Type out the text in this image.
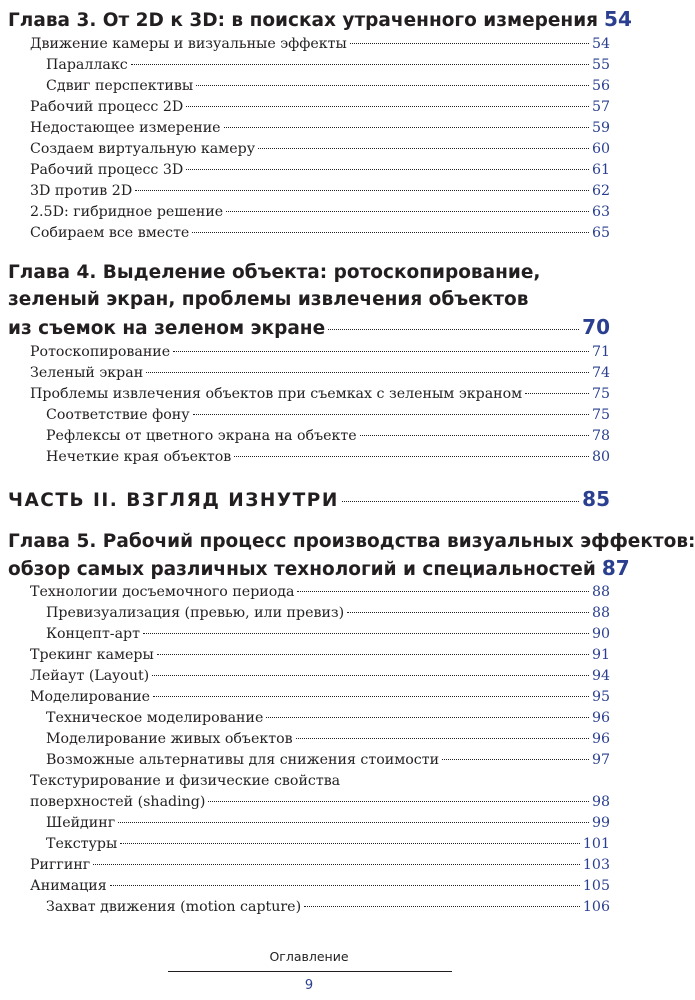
Глава 3. От 2D к 3D: в поисках утраченного измерения 54
Движение камеры и визуальные эффекты	54
Параллакс	55
Сдвиг перспективы	56
Рабочий процесс 2D	57
Недостающее измерение	59
Создаем виртуальную камеру	60
Рабочий процесс 3D	61
3D против 2D	62
2.5D: гибридное решение	63
Собираем все вместе	65
Глава 4. Выделение объекта: ротоскопирование,
зеленый экран, проблемы извлечения объектов
из съемок на зеленом экране	70
Ротоскопирование	71
Зеленый экран	74
Проблемы извлечения объектов при съемках с зеленым экраном	75
Соответствие фону	75
Рефлексы от цветного экрана на объекте	78
Нечеткие края объектов	80
ЧАСТЬ II. ВЗГЛЯД ИЗНУТРИ	85
Глава 5. Рабочий процесс производства визуальных эффектов:
обзор самых различных технологий и специальностей 87
Технологии досъемочного периода	88
Превизуализация (превью, или превиз)	88
Концепт-арт	90
Трекинг камеры	91
Лейаут (Layout)	94
Моделирование	95
Техническое моделирование	96
Моделирование живых объектов	96
Возможные альтернативы для снижения стоимости	97
Текстурирование и физические свойства
поверхностей (shading)	98
Шейдинг	99
Текстуры	101
Риггинг	103
Анимация	105
Захват движения (motion capture)	106
Оглавление
9
